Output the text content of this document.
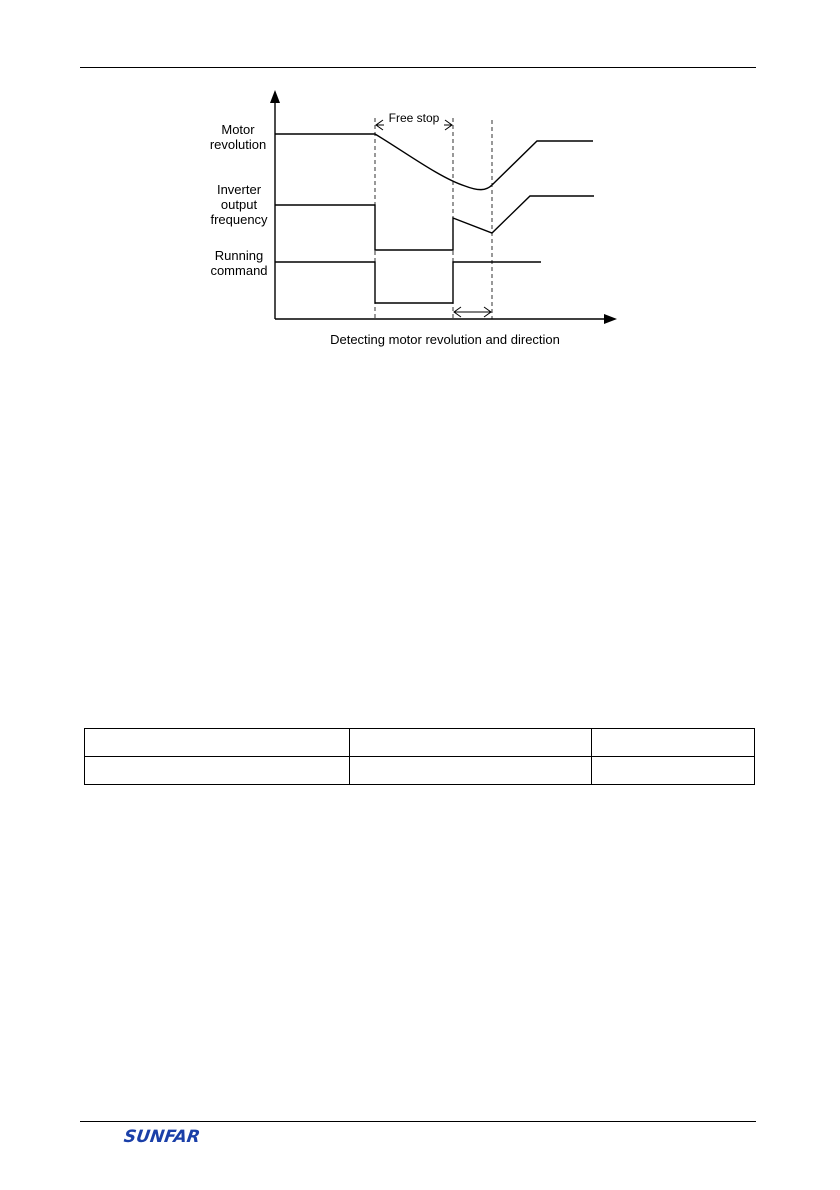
Motor revolution
Inverter output frequency
Running command
Free stop
Detecting motor revolution and direction

SUNFAR
